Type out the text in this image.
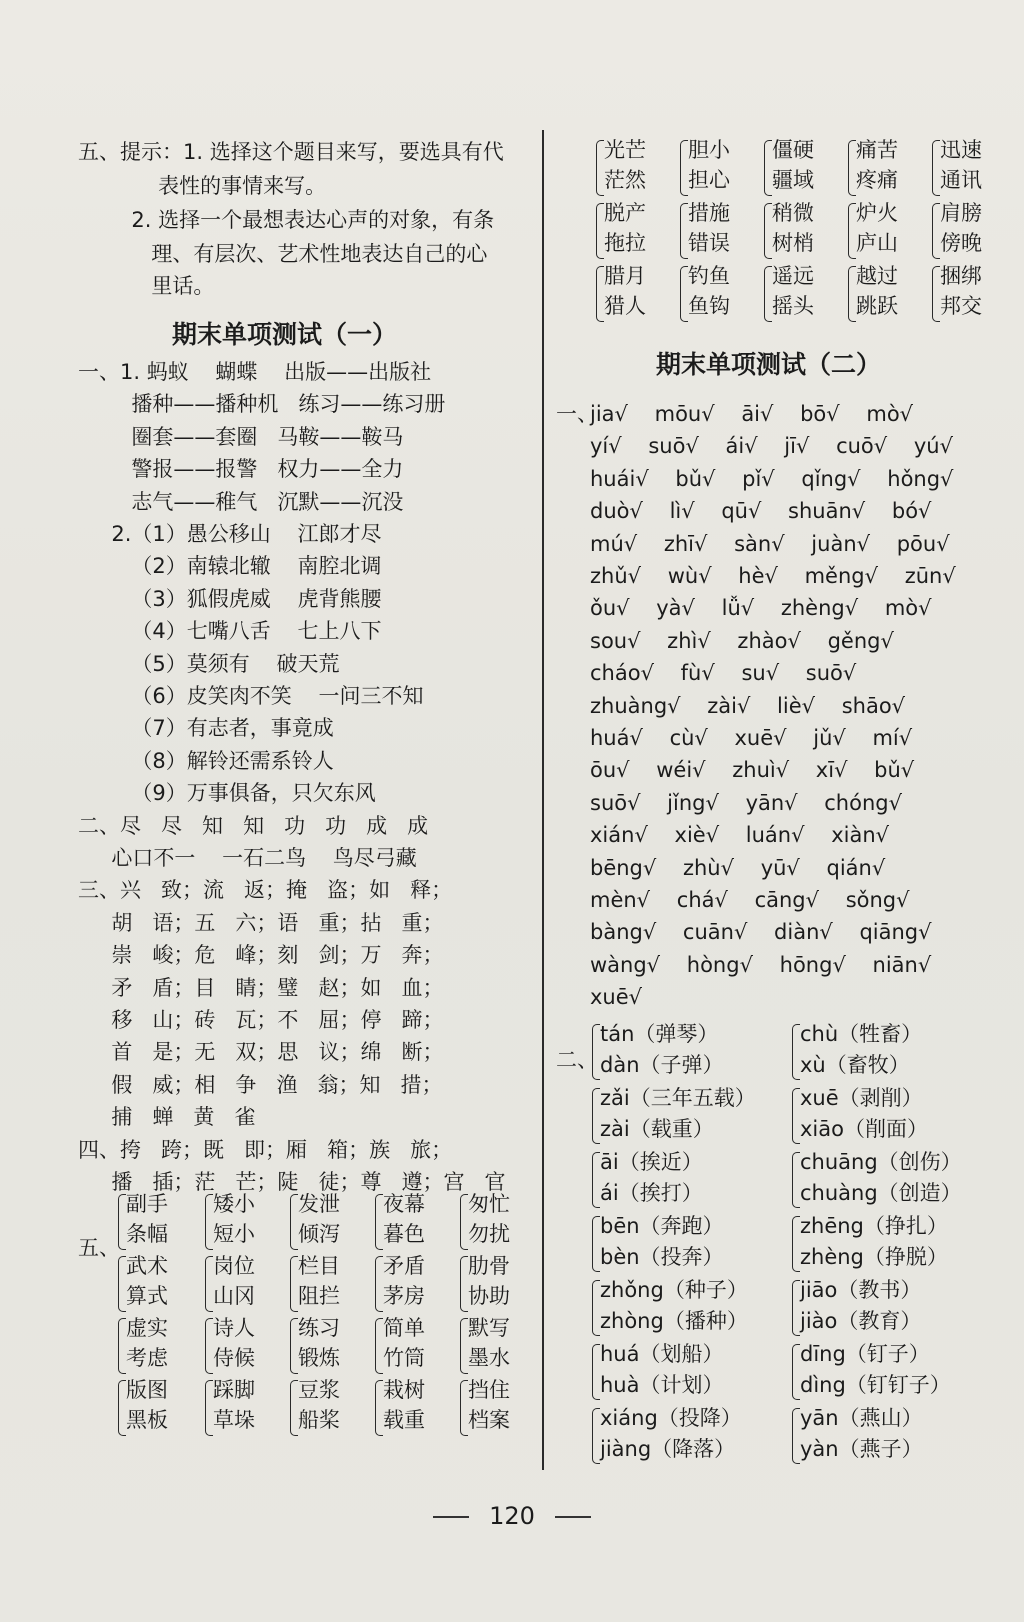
五、提示：1. 选择这个题目来写，要选具有代
表性的事情来写。
2. 选择一个最想表达心声的对象，有条
理、有层次、艺术性地表达自己的心
里话。
期末单项测试（一）
一、1. 蚂蚁    蝴蝶    出版——出版社
播种——播种机   练习——练习册
圈套——套圈   马鞍——鞍马
警报——报警   权力——全力
志气——稚气   沉默——沉没
2.（1）愚公移山    江郎才尽
（2）南辕北辙    南腔北调
（3）狐假虎威    虎背熊腰
（4）七嘴八舌    七上八下
（5）莫须有    破天荒
（6）皮笑肉不笑    一问三不知
（7）有志者，事竟成
（8）解铃还需系铃人
（9）万事俱备，只欠东风
二、尽   尽   知   知   功   功   成   成
心口不一    一石二鸟    鸟尽弓藏
三、兴   致；流   返；掩   盗；如   释；
胡   语；五   六；语   重；拈   重；
崇   峻；危   峰；刻   剑；万   奔；
矛   盾；目   睛；璧   赵；如   血；
移   山；砖   瓦；不   屈；停   蹄；
首   是；无   双；思   议；绵   断；
假   威；相   争   渔   翁；知   措；
捕   蝉   黄   雀
四、挎   跨；既   即；厢   箱；族   旅；
播   插；茫   芒；陡   徒；尊   遵；宫   官
五、
副手
条幅
矮小
短小
发泄
倾泻
夜幕
暮色
匆忙
勿扰
武术
算式
岗位
山冈
栏目
阻拦
矛盾
茅房
肋骨
协助
虚实
考虑
诗人
侍候
练习
锻炼
简单
竹筒
默写
墨水
版图
黑板
踩脚
草垛
豆浆
船桨
栽树
载重
挡住
档案
光芒
茫然
胆小
担心
僵硬
疆域
痛苦
疼痛
迅速
通讯
脱产
拖拉
措施
错误
稍微
树梢
炉火
庐山
肩膀
傍晚
腊月
猎人
钓鱼
鱼钩
遥远
摇头
越过
跳跃
捆绑
邦交
期末单项测试（二）
一、
jia√    mōu√    āi√    bō√    mò√
yí√    suō√    ái√    jī√    cuō√    yú√
huái√    bǔ√    pǐ√    qǐng√    hǒng√
duò√    lì√    qū√    shuān√    bó√
mú√    zhī√    sàn√    juàn√    pōu√
zhǔ√    wù√    hè√    měng√    zūn√
ǒu√    yà√    lǚ√    zhèng√    mò√
sou√    zhì√    zhào√    gěng√
cháo√    fù√    su√    suō√
zhuàng√    zài√    liè√    shāo√
huá√    cù√    xuē√    jǔ√    mí√
ōu√    wéi√    zhuì√    xī√    bǔ√
suō√    jǐng√    yān√    chóng√
xián√    xiè√    luán√    xiàn√
bēng√    zhù√    yū√    qián√
mèn√    chá√    cāng√    sǒng√
bàng√    cuān√    diàn√    qiāng√
wàng√    hòng√    hōng√    niān√
xuē√
二、
tán（弹琴）
dàn（子弹）
chù（牲畜）
xù（畜牧）
zǎi（三年五载）
zài（载重）
xuē（剥削）
xiāo（削面）
āi（挨近）
ái（挨打）
chuāng（创伤）
chuàng（创造）
bēn（奔跑）
bèn（投奔）
zhēng（挣扎）
zhèng（挣脱）
zhǒng（种子）
zhòng（播种）
jiāo（教书）
jiào（教育）
huá（划船）
huà（计划）
dīng（钉子）
dìng（钉钉子）
xiáng（投降）
jiàng（降落）
yān（燕山）
yàn（燕子）
120
